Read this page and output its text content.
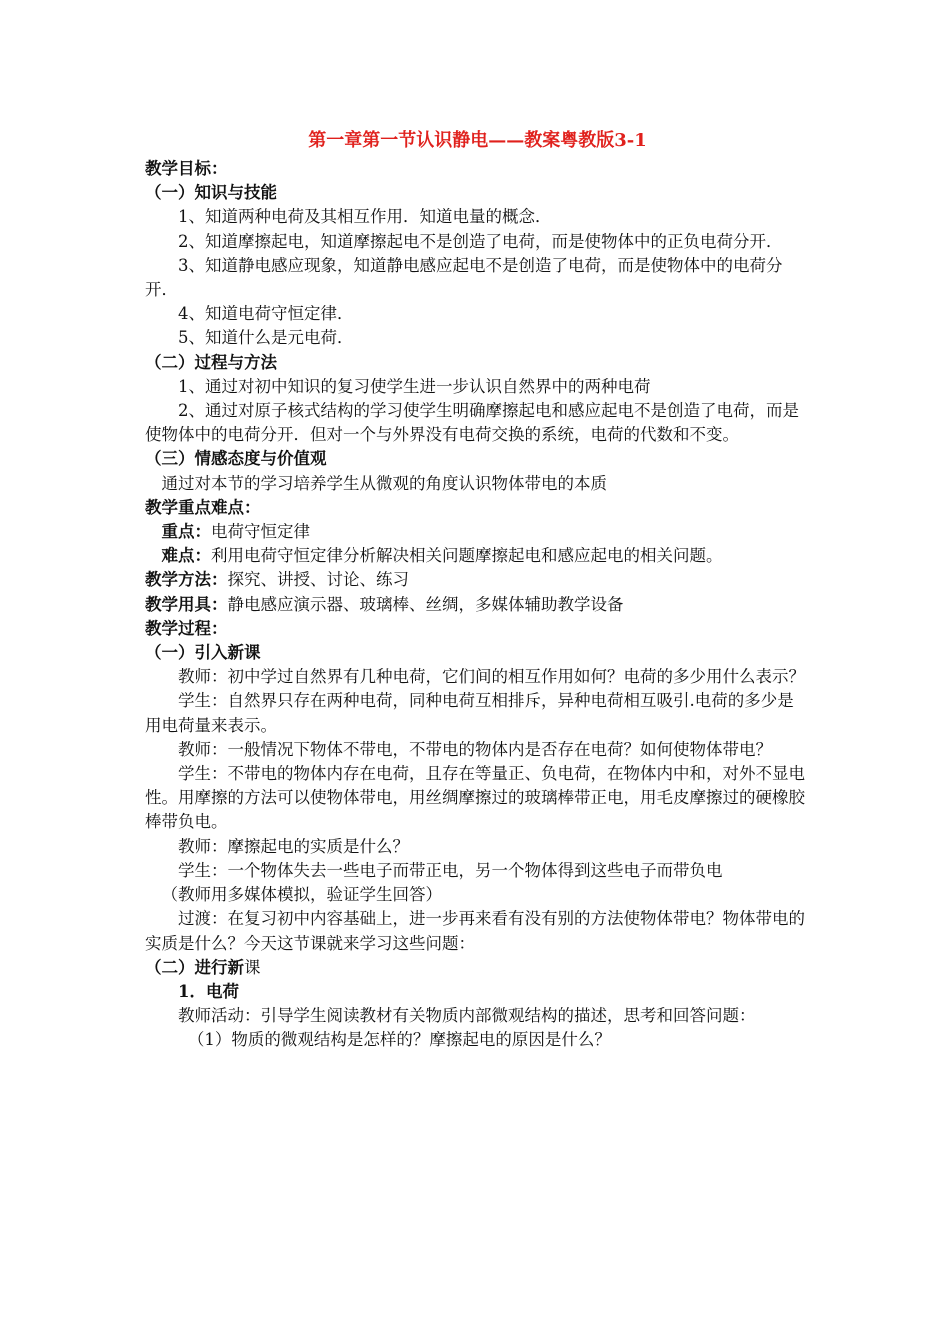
第一章第一节认识静电——教案粤教版3-1
教学目标：
（一）知识与技能

1、知道两种电荷及其相互作用．知道电量的概念．

2、知道摩擦起电，知道摩擦起电不是创造了电荷，而是使物体中的正负电荷分开．

3、知道静电感应现象，知道静电感应起电不是创造了电荷，而是使物体中的电荷分开．

4、知道电荷守恒定律．

5、知道什么是元电荷．

（二）过程与方法

1、通过对初中知识的复习使学生进一步认识自然界中的两种电荷

2、通过对原子核式结构的学习使学生明确摩擦起电和感应起电不是创造了电荷，而是使物体中的电荷分开．但对一个与外界没有电荷交换的系统，电荷的代数和不变。

（三）情感态度与价值观

通过对本节的学习培养学生从微观的角度认识物体带电的本质

教学重点难点：

重点：电荷守恒定律

难点：利用电荷守恒定律分析解决相关问题摩擦起电和感应起电的相关问题。

教学方法：探究、讲授、讨论、练习

教学用具：静电感应演示器、玻璃棒、丝绸，多媒体辅助教学设备

教学过程：
（一）引入新课

教师：初中学过自然界有几种电荷，它们间的相互作用如何？电荷的多少用什么表示？

学生：自然界只存在两种电荷，同种电荷互相排斥，异种电荷相互吸引.电荷的多少是用电荷量来表示。

教师：一般情况下物体不带电，不带电的物体内是否存在电荷？如何使物体带电？

学生：不带电的物体内存在电荷，且存在等量正、负电荷，在物体内中和，对外不显电性。用摩擦的方法可以使物体带电，用丝绸摩擦过的玻璃棒带正电，用毛皮摩擦过的硬橡胶棒带负电。

教师：摩擦起电的实质是什么？

学生：一个物体失去一些电子而带正电，另一个物体得到这些电子而带负电

（教师用多媒体模拟，验证学生回答）

过渡：在复习初中内容基础上，进一步再来看有没有别的方法使物体带电？物体带电的实质是什么？今天这节课就来学习这些问题：

（二）进行新课

1．电荷

教师活动：引导学生阅读教材有关物质内部微观结构的描述，思考和回答问题：

（1）物质的微观结构是怎样的？摩擦起电的原因是什么？
